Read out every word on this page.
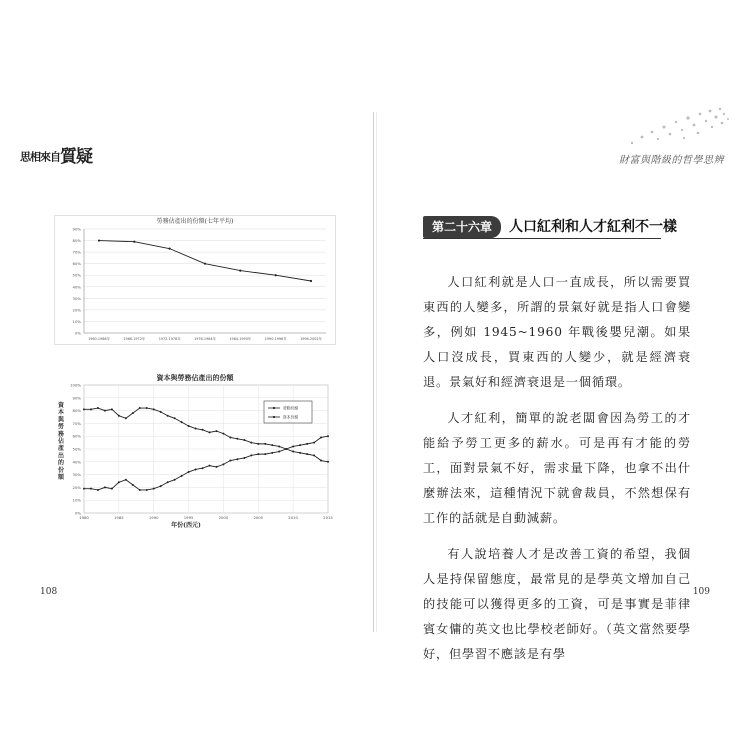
思相來自質疑
勞務佔產出的份額(七年平均)
0%
10%
20%
30%
40%
50%
60%
70%
80%
90%
1960-1966年	1966-1972年	1972-1978年	1978-1984年	1984-1990年	1990-1996年	1996-2002年
資本與勞務佔產出的份額
0%
10%
20%
30%
40%
50%
60%
70%
80%
90%
100%
1980	1985	1990	1995	2000	2005	2010	2015
資
本
與
勞
務
佔
產
出
的
份
額
年份(西元)
勞動份額
資本份額
108
財富與階級的哲學思辨
第二十六章	人口紅利和人才紅利不一樣

人口紅利就是人口一直成長，所以需要買東西的人變多，所謂的景氣好就是指人口會變多，例如 1945~1960 年戰後嬰兒潮。如果人口沒成長，買東西的人變少，就是經濟衰退。景氣好和經濟衰退是一個循環。

人才紅利，簡單的說老闆會因為勞工的才能給予勞工更多的薪水。可是再有才能的勞工，面對景氣不好，需求量下降，也拿不出什麼辦法來，這種情況下就會裁員，不然想保有工作的話就是自動減薪。

有人說培養人才是改善工資的希望，我個人是持保留態度，最常見的是學英文增加自己的技能可以獲得更多的工資，可是事實是菲律賓女傭的英文也比學校老師好。（英文當然要學好，但學習不應該是有學

109
